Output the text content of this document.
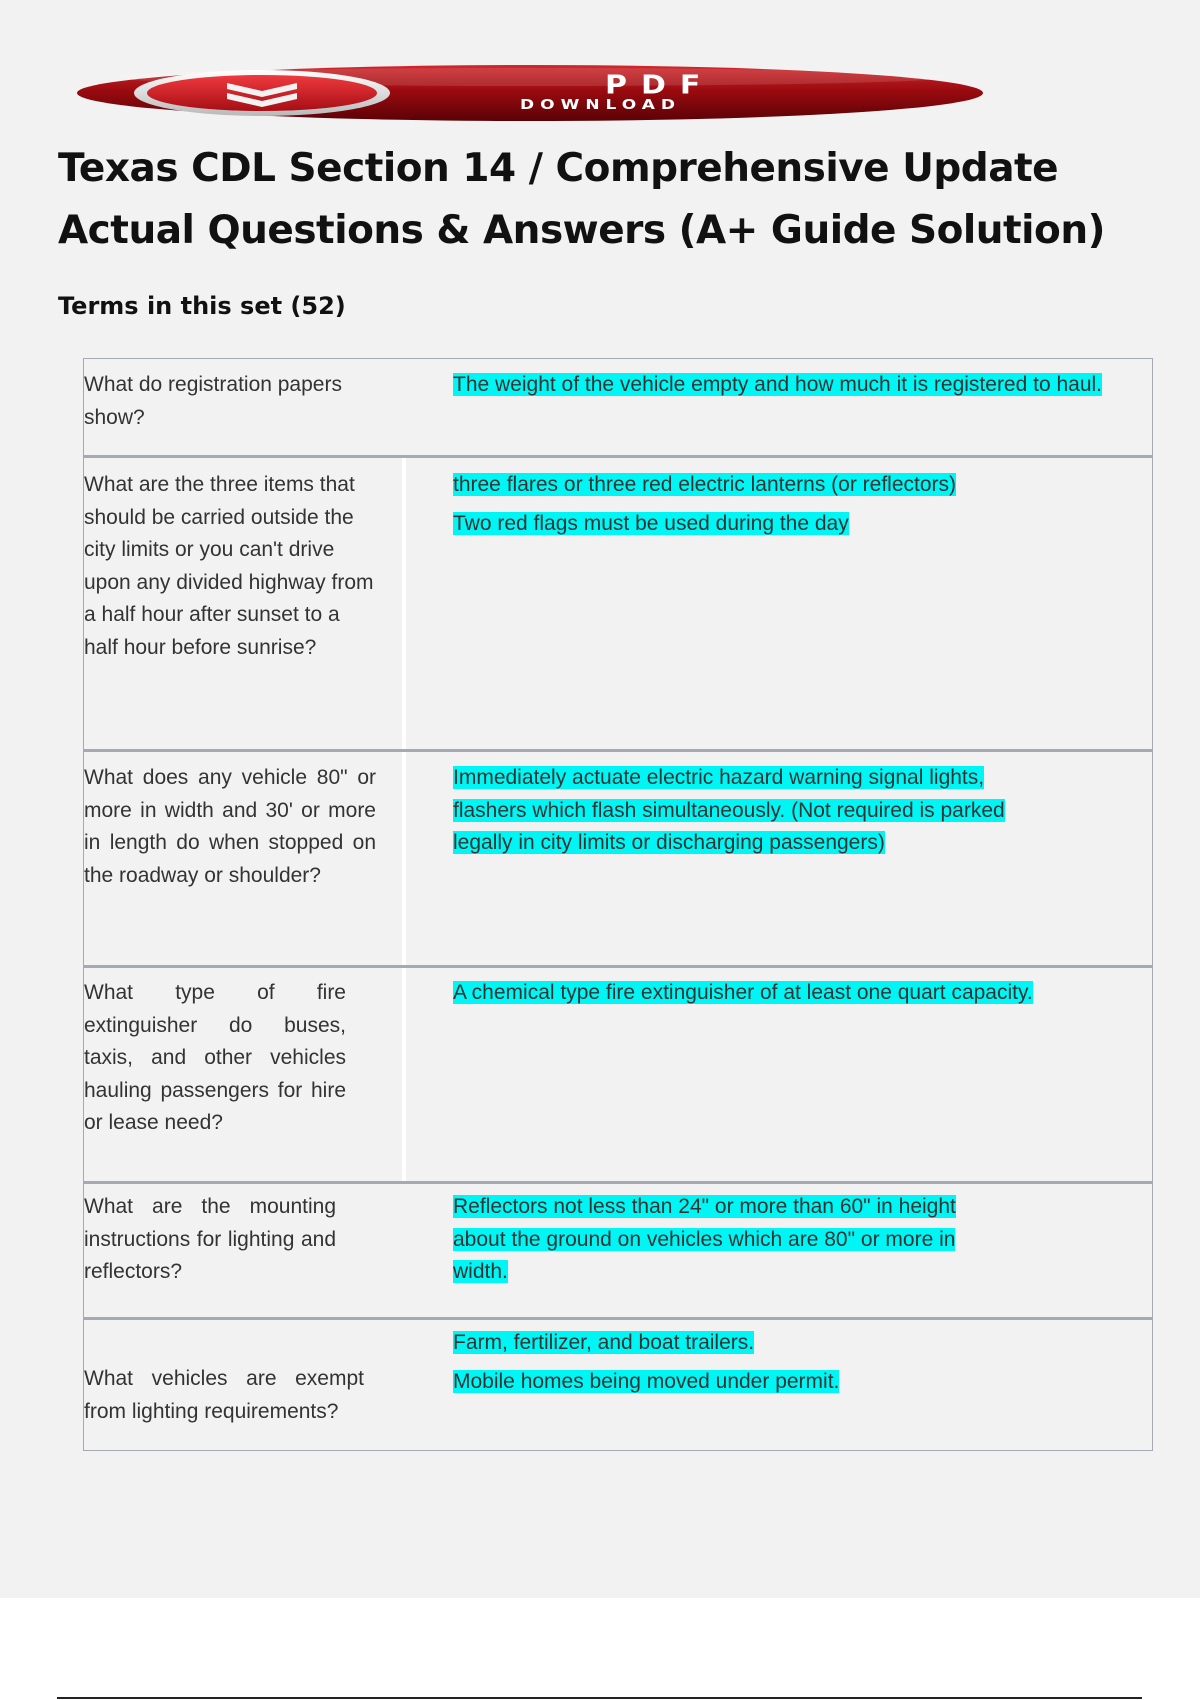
PDF
DOWNLOAD
Texas CDL Section 14 / Comprehensive Update
Actual Questions & Answers (A+ Guide Solution)
Terms in this set (52)
What do registration papers show?

The weight of the vehicle empty and how much it is registered to haul.

What are the three items that should be carried outside the city limits or you can't drive upon any divided highway from a half hour after sunset to a half hour before sunrise?

three flares or three red electric lanterns (or reflectors)

Two red flags must be used during the day

What does any vehicle 80" or more in width and 30' or more in length do when stopped on the roadway or shoulder?

Immediately actuate electric hazard warning signal lights, flashers which flash simultaneously. (Not required is parked legally in city limits or discharging passengers)

What type of fire extinguisher do buses, taxis, and other vehicles hauling passengers for hire or lease need?

A chemical type fire extinguisher of at least one quart capacity.

What are the mounting instructions for lighting and reflectors?

Reflectors not less than 24" or more than 60" in height about the ground on vehicles which are 80" or more in width.

What vehicles are exempt from lighting requirements?

Farm, fertilizer, and boat trailers.

Mobile homes being moved under permit.
